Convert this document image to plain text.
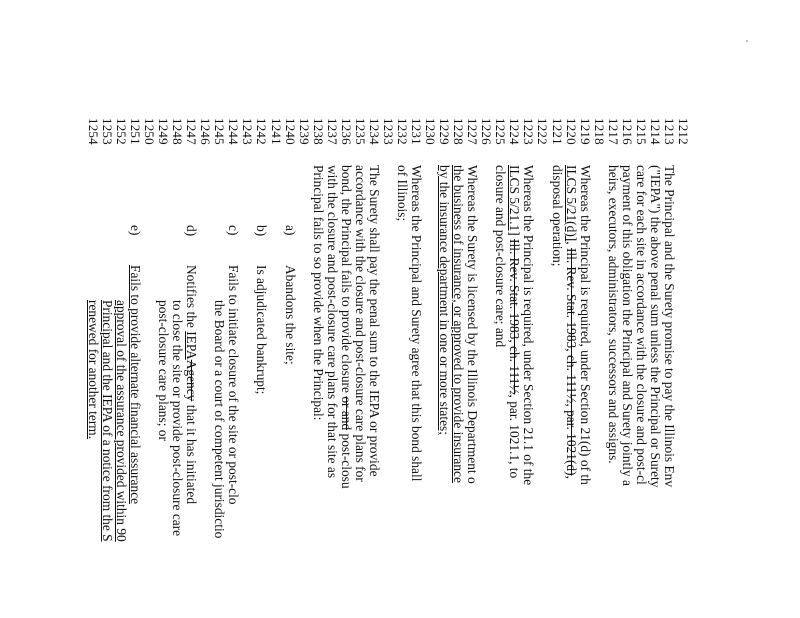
1212
1213
The Principal and the Surety promise to pay the Illinois Env
1214
("IEPA") the above penal sum unless the Principal or Surety
1215
care for each site in accordance with the closure and post-cl
1216
payment of this obligation the Principal and Surety jointly a
1217
heirs, executors, administrators, successors and assigns.
1218
1219
Whereas the Principal is required, under Section 21(d) of th
1220
ILCS 5/21(d)], Ill. Rev. Stat. 1983, ch. 111½, par. 1021(d),
1221
disposal operation;
1222
1223
Whereas the Principal is required, under Section 21.1 of the
1224
ILCS 5/21.1] Ill. Rev. Stat. 1983, ch. 111½, par. 1021.1, to
1225
closure and post-closure care; and
1226
1227
Whereas the Surety is licensed by the Illinois Department o
1228
the business of insurance, or approved to provide insurance
1229
by the insurance department in one or more states;
1230
1231
Whereas the Principal and Surety agree that this bond shall
1232
of Illinois;
1233
1234
The Surety shall pay the penal sum to the IEPA or provide
1235
accordance with the closure and post-closure care plans for
1236
bond, the Principal fails to provide closure or and post-closu
1237
with the closure and post-closure care plans for that site as
1238
Principal fails to so provide when the Principal:
1239
1240
a)
Abandons the site;
1241
1242
b)
Is adjudicated bankrupt;
1243
1244
c)
Fails to initiate closure of the site or post-clo
1245
the Board or a court of competent jurisdictio
1246
1247
d)
Notifies the IEPAAgency that it has initiated
1248
to close the site or provide post-closure care
1249
post-closure care plans; or
1250
1251
e)
Fails to provide alternate financial assurance
1252
approval of the assurance provided within 90
1253
Principal and the IEPA of a notice from the S
1254
renewed for another term.
